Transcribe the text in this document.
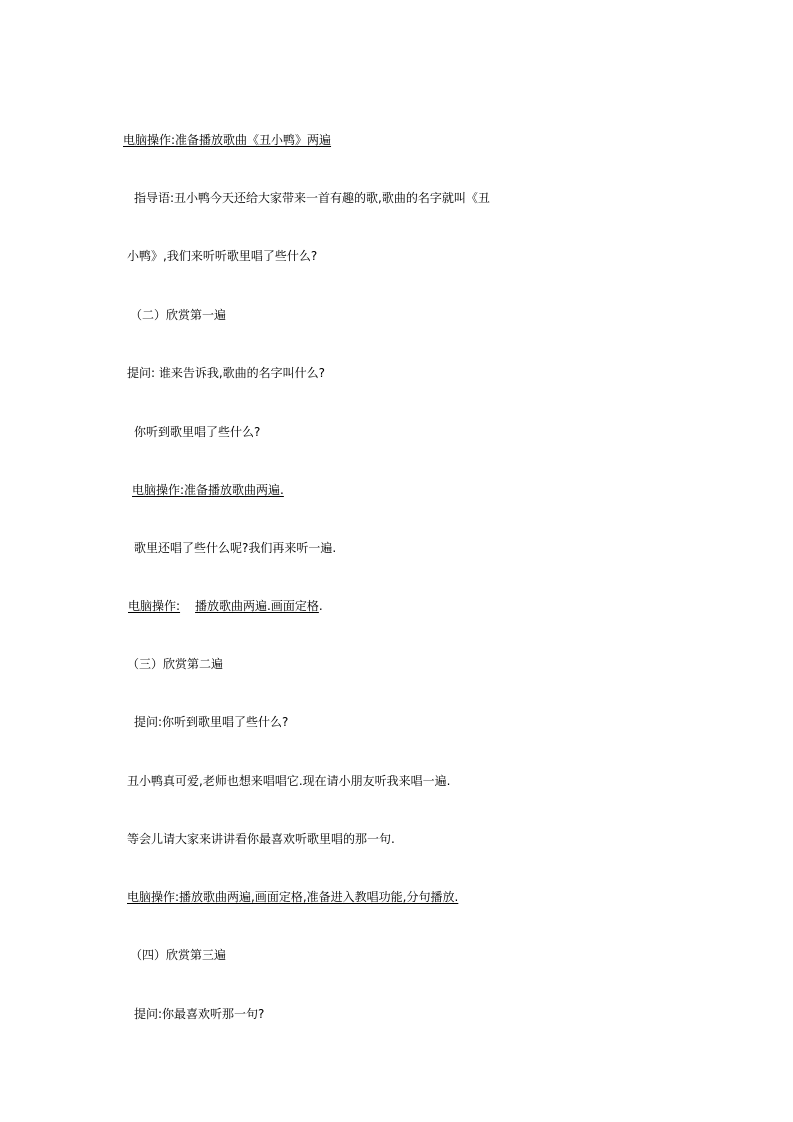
电脑操作:准备播放歌曲《丑小鸭》两遍
指导语:丑小鸭今天还给大家带来一首有趣的歌,歌曲的名字就叫《丑
小鸭》,我们来听听歌里唱了些什么?
（二）欣赏第一遍
提问: 谁来告诉我,歌曲的名字叫什么?
你听到歌里唱了些什么?
电脑操作:准备播放歌曲两遍.
歌里还唱了些什么呢?我们再来听一遍.
电脑操作: 播放歌曲两遍.画面定格.
（三）欣赏第二遍
提问:你听到歌里唱了些什么?
丑小鸭真可爱,老师也想来唱唱它.现在请小朋友听我来唱一遍.
等会儿请大家来讲讲看你最喜欢听歌里唱的那一句.
电脑操作:播放歌曲两遍,画面定格,准备进入教唱功能,分句播放.
（四）欣赏第三遍
提问:你最喜欢听那一句?
